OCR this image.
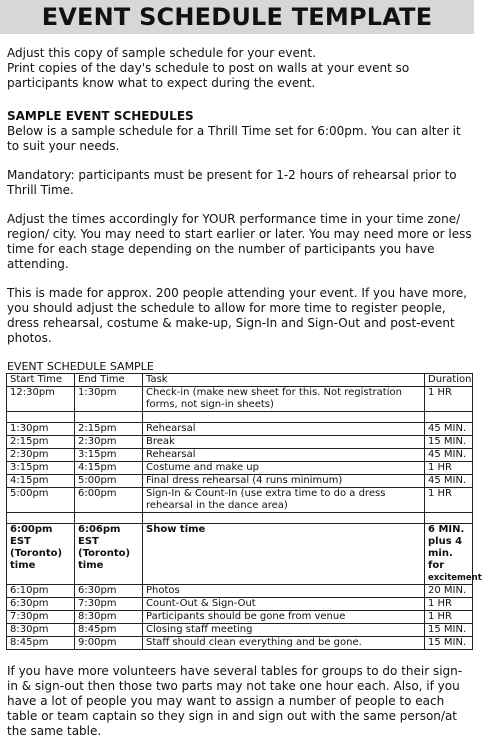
EVENT SCHEDULE TEMPLATE

Adjust this copy of sample schedule for your event.

Print copies of the day's schedule to post on walls at your event so participants know what to expect during the event.

SAMPLE EVENT SCHEDULES

Below is a sample schedule for a Thrill Time set for 6:00pm. You can alter it to suit your needs.

Mandatory: participants must be present for 1-2 hours of rehearsal prior to Thrill Time.

Adjust the times accordingly for YOUR performance time in your time zone/ region/ city. You may need to start earlier or later. You may need more or less time for each stage depending on the number of participants you have attending.

This is made for approx. 200 people attending your event. If you have more, you should adjust the schedule to allow for more time to register people, dress rehearsal, costume & make-up, Sign-In and Sign-Out and post-event photos.

EVENT SCHEDULE SAMPLE
Start Time	End Time	Task	Duration
12:30pm	1:30pm	Check-in (make new sheet for this. Not registration forms, not sign-in sheets)	1 HR

1:30pm	2:15pm	Rehearsal	45 MIN.
2:15pm	2:30pm	Break	15 MIN.
2:30pm	3:15pm	Rehearsal	45 MIN.
3:15pm	4:15pm	Costume and make up	1 HR
4:15pm	5:00pm	Final dress rehearsal (4 runs minimum)	45 MIN.
5:00pm	6:00pm	Sign-In & Count-In (use extra time to do a dress rehearsal in the dance area)	1 HR

6:00pm EST (Toronto) time	6:06pm EST (Toronto) time	Show time	6 MIN. plus 4 min. for
excitement
6:10pm	6:30pm	Photos	20 MIN.
6:30pm	7:30pm	Count-Out & Sign-Out	1 HR
7:30pm	8:30pm	Participants should be gone from venue	1 HR
8:30pm	8:45pm	Closing staff meeting	15 MIN.
8:45pm	9:00pm	Staff should clean everything and be gone.	15 MIN.

If you have more volunteers have several tables for groups to do their sign-in & sign-out then those two parts may not take one hour each. Also, if you have a lot of people you may want to assign a number of people to each table or team captain so they sign in and sign out with the same person/at the same table.
